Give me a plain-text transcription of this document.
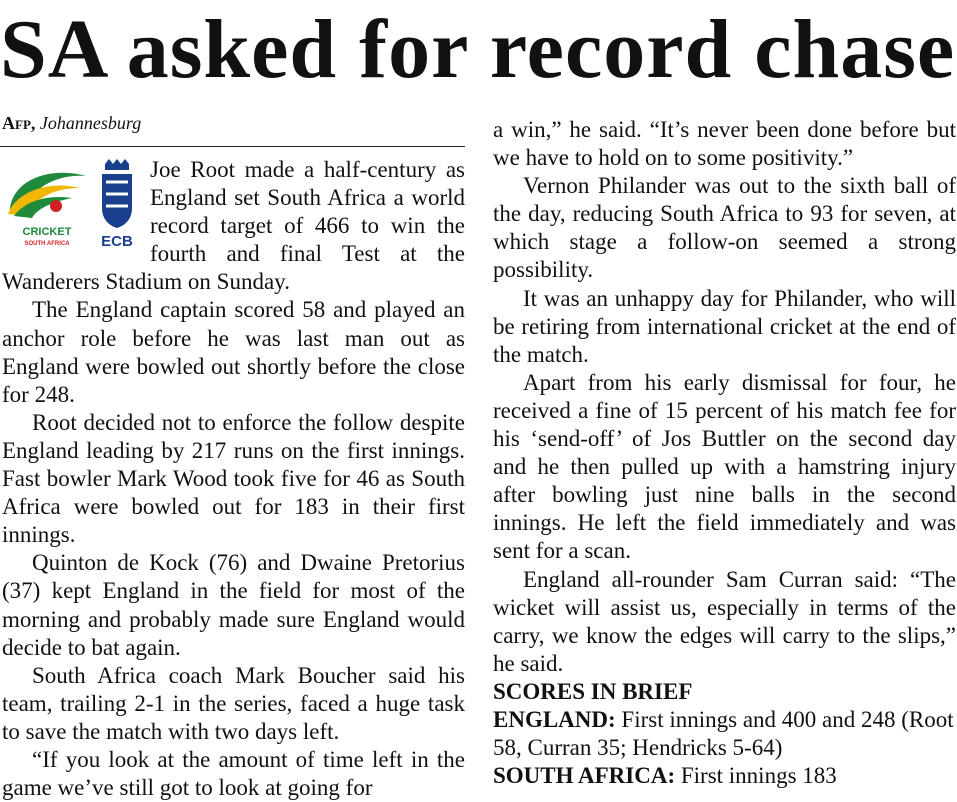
SA asked for record chase
Afp, Johannesburg
CRICKET
SOUTH AFRICA ECB

Joe Root made a half-century as England set South Africa a world record target of 466 to win the fourth and final Test at the Wanderers Stadium on Sunday.

The England captain scored 58 and played an anchor role before he was last man out as England were bowled out shortly before the close for 248.

Root decided not to enforce the follow despite England leading by 217 runs on the first innings. Fast bowler Mark Wood took five for 46 as South Africa were bowled out for 183 in their first innings.

Quinton de Kock (76) and Dwaine Pretorius (37) kept England in the field for most of the morning and probably made sure England would decide to bat again.

South Africa coach Mark Boucher said his team, trailing 2-1 in the series, faced a huge task to save the match with two days left.

“If you look at the amount of time left in the game we’ve still got to look at going for

a win,” he said. “It’s never been done before but we have to hold on to some positivity.”

Vernon Philander was out to the sixth ball of the day, reducing South Africa to 93 for seven, at which stage a follow-on seemed a strong possibility.

It was an unhappy day for Philander, who will be retiring from international cricket at the end of the match.

Apart from his early dismissal for four, he received a fine of 15 percent of his match fee for his ‘send-off’ of Jos Buttler on the second day and he then pulled up with a hamstring injury after bowling just nine balls in the second innings. He left the field immediately and was sent for a scan.

England all-rounder Sam Curran said: “The wicket will assist us, especially in terms of the carry, we know the edges will carry to the slips,” he said.

SCORES IN BRIEF

ENGLAND: First innings and 400 and 248 (Root 58, Curran 35; Hendricks 5-64)

SOUTH AFRICA: First innings 183
